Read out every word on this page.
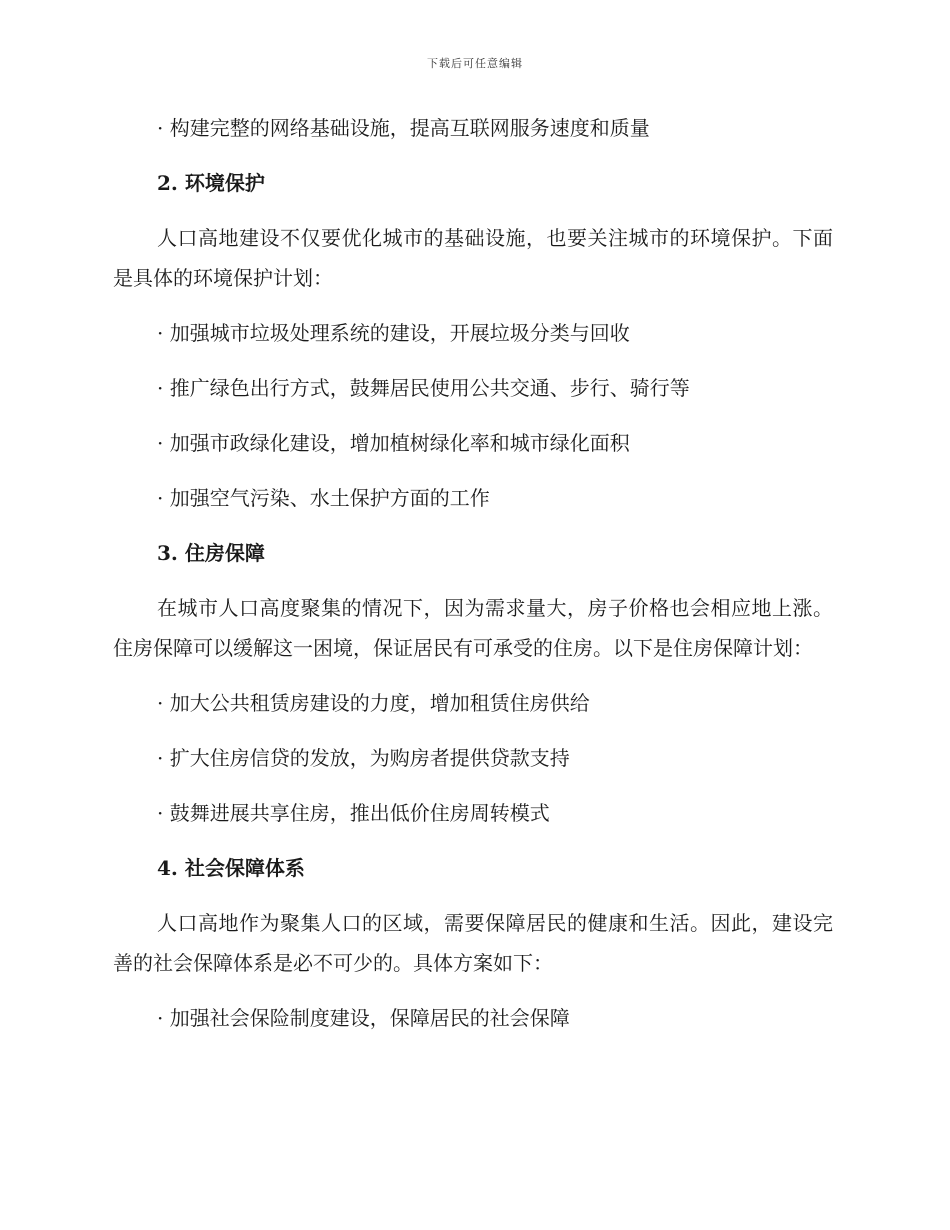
下载后可任意编辑

· 构建完整的网络基础设施，提高互联网服务速度和质量

2. 环境保护

人口高地建设不仅要优化城市的基础设施，也要关注城市的环境保护。下面是具体的环境保护计划：

· 加强城市垃圾处理系统的建设，开展垃圾分类与回收

· 推广绿色出行方式，鼓舞居民使用公共交通、步行、骑行等

· 加强市政绿化建设，增加植树绿化率和城市绿化面积

· 加强空气污染、水土保护方面的工作

3. 住房保障

在城市人口高度聚集的情况下，因为需求量大，房子价格也会相应地上涨。住房保障可以缓解这一困境，保证居民有可承受的住房。以下是住房保障计划：

· 加大公共租赁房建设的力度，增加租赁住房供给

· 扩大住房信贷的发放，为购房者提供贷款支持

· 鼓舞进展共享住房，推出低价住房周转模式

4. 社会保障体系

人口高地作为聚集人口的区域，需要保障居民的健康和生活。因此，建设完善的社会保障体系是必不可少的。具体方案如下：

· 加强社会保险制度建设，保障居民的社会保障
